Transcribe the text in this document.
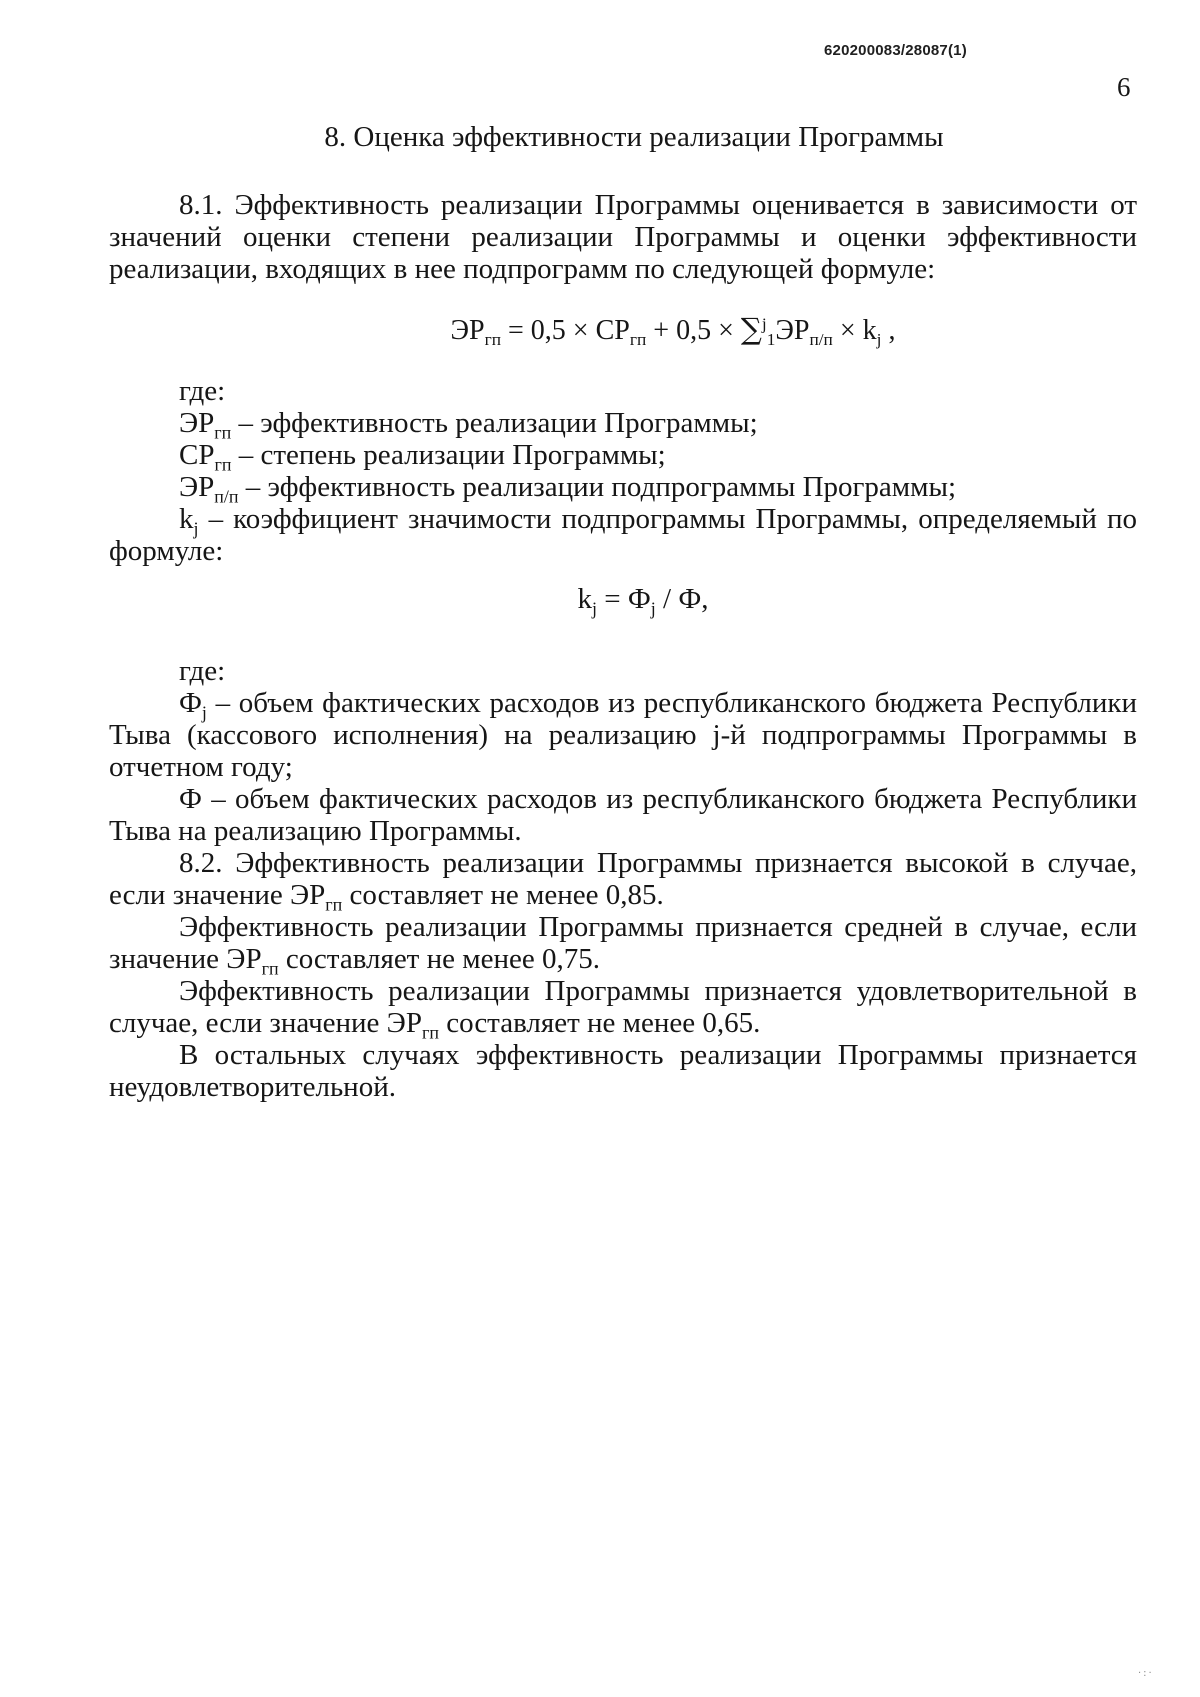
620200083/28087(1)
6

8. Оценка эффективности реализации Программы

8.1. Эффективность реализации Программы оценивается в зависимости от значений оценки степени реализации Программы и оценки эффективности реализации, входящих в нее подпрограмм по следующей формуле:

$ЭР_{гп} = 0,5 \times СР_{гп} + 0,5 \times \sum^j_1ЭР_{п/п} \times k_j$ ,

где:

$ЭР_{гп}$ – эффективность реализации Программы;

$СР_{гп}$ – степень реализации Программы;

$ЭР_{п/п}$ – эффективность реализации подпрограммы Программы;

$k_j$ – коэффициент значимости подпрограммы Программы, определяемый по формуле:

$k_j = Ф_j / Ф$,

где:

$Ф_j$ – объем фактических расходов из республиканского бюджета Республики Тыва (кассового исполнения) на реализацию j-й подпрограммы Программы в отчетном году;

Ф – объем фактических расходов из республиканского бюджета Республики Тыва на реализацию Программы.

8.2. Эффективность реализации Программы признается высокой в случае, если значение $ЭР_{гп}$ составляет не менее 0,85.

Эффективность реализации Программы признается средней в случае, если значение $ЭР_{гп}$ составляет не менее 0,75.

Эффективность реализации Программы признается удовлетворительной в случае, если значение $ЭР_{гп}$ составляет не менее 0,65.

В остальных случаях эффективность реализации Программы признается неудовлетворительной.

·:·
